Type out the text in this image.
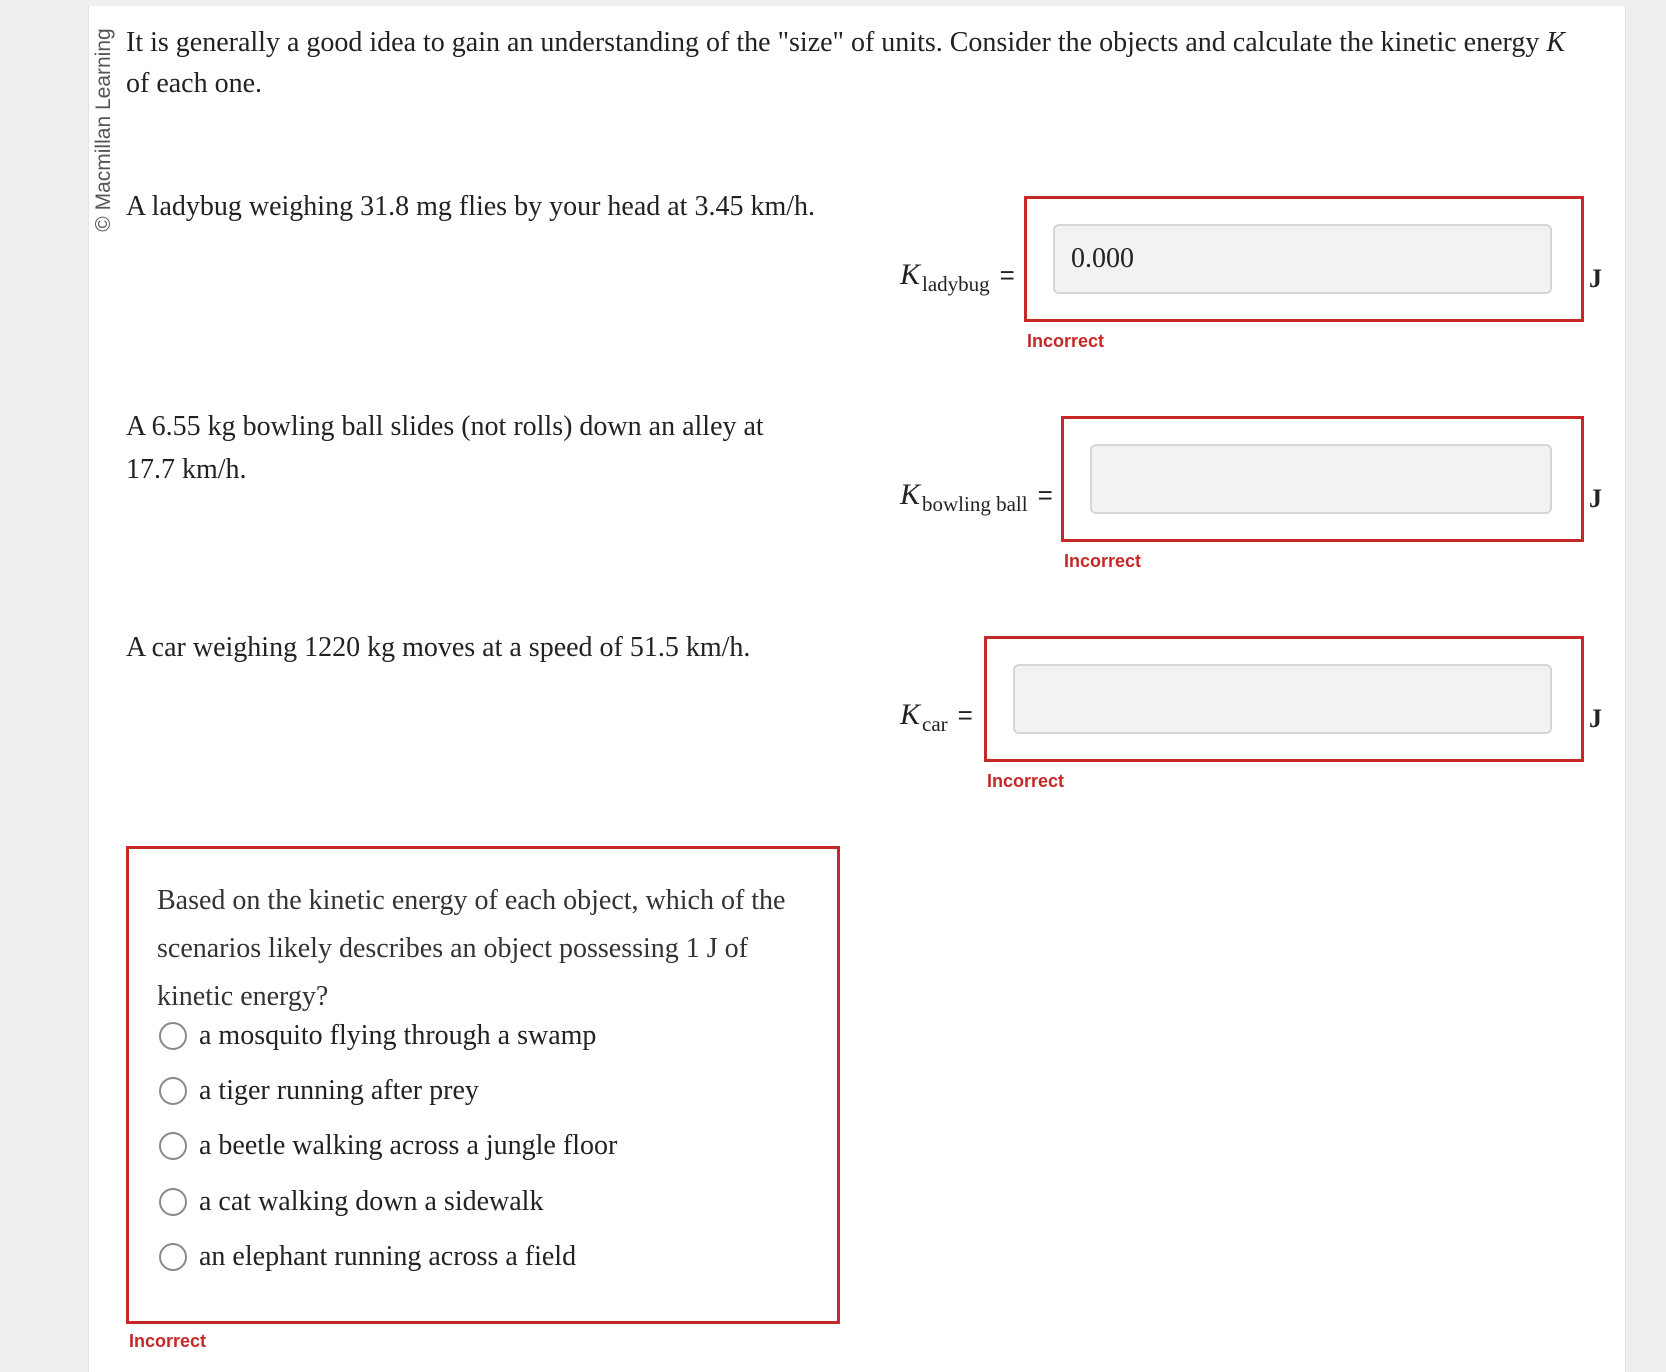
© Macmillan Learning It is generally a good idea to gain an understanding of the "size" of units. Consider the objects and calculate the kinetic energy K
of each one.
A ladybug weighing 31.8 mg flies by your head at 3.45 km/h.
$K_{ladybug}$ =
0.000	J
Incorrect
A 6.55 kg bowling ball slides (not rolls) down an alley at
17.7 km/h.
$K_{bowling ball}$ =	J
Incorrect
A car weighing 1220 kg moves at a speed of 51.5 km/h.
$K_{car}$ =	J
Incorrect
Based on the kinetic energy of each object, which of the scenarios likely describes an object possessing 1 J of kinetic energy?
a mosquito flying through a swamp
a tiger running after prey
a beetle walking across a jungle floor
a cat walking down a sidewalk
an elephant running across a field
Incorrect
